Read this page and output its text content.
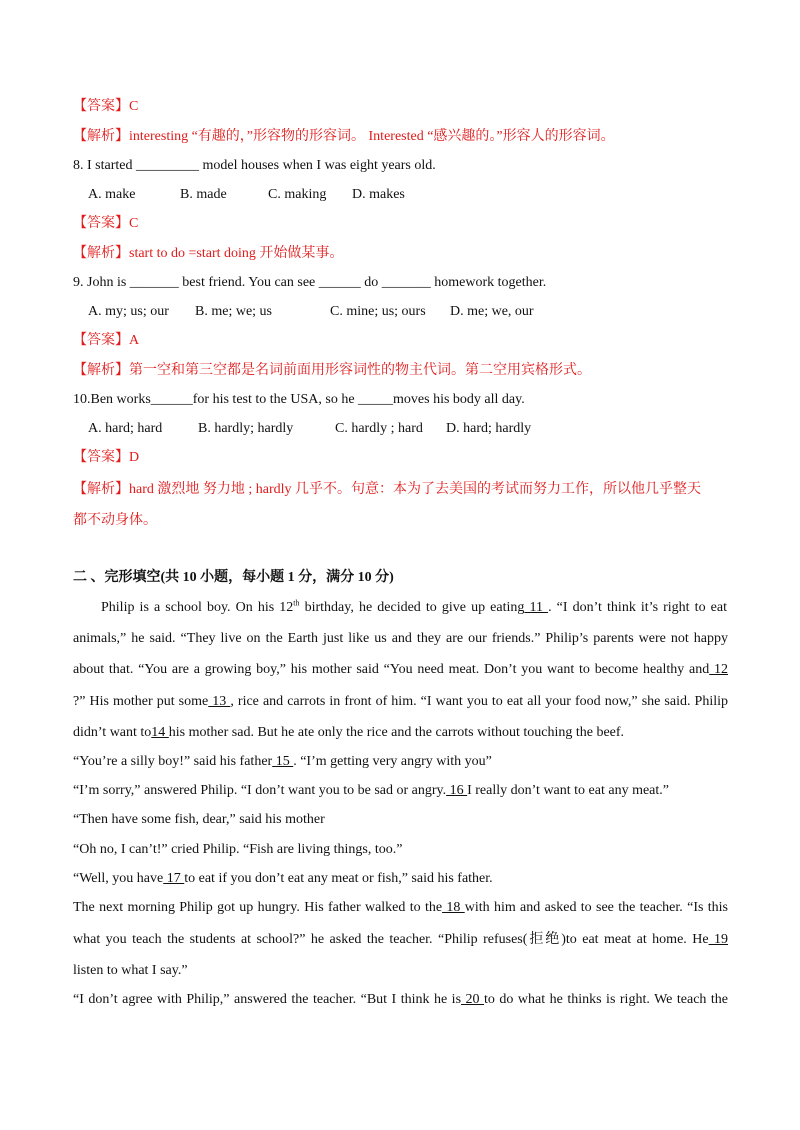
【答案】C
【解析】interesting “有趣的，”形容物的形容词。 Interested “感兴趣的。”形容人的形容词。
8. I started _________ model houses when I was eight years old.
A. make	B. made	C. making D. makes
【答案】C
【解析】start to do =start doing 开始做某事。
9. John is _______ best friend. You can see ______ do _______ homework together.
A. my; us; our B. me; we; us	C. mine; us; ours D. me; we, our
【答案】A
【解析】第一空和第三空都是名词前面用形容词性的物主代词。第二空用宾格形式。
10.Ben works______for his test to the USA, so he _____moves his body all day.
A. hard; hard	B. hardly; hardly	C. hardly ; hard D. hard; hardly
【答案】D
【解析】hard 激烈地 努力地 ; hardly 几乎不。句意：本为了去美国的考试而努力工作，所以他几乎整天
都不动身体。
二 、完形填空(共 10 小题，每小题 1 分，满分 10 分)
Philip is a school boy. On his 12th birthday, he decided to give up eating 11 . “I don’t think it’s right to eat
animals,” he said. “They live on the Earth just like us and they are our friends.” Philip’s parents were not happy
about that. “You are a growing boy,” his mother said “You need meat. Don’t you want to become healthy and 12
?” His mother put some 13 , rice and carrots in front of him. “I want you to eat all your food now,” she said. Philip
didn’t want to14 his mother sad. But he ate only the rice and the carrots without touching the beef.
“You’re a silly boy!” said his father 15 . “I’m getting very angry with you”
“I’m sorry,” answered Philip. “I don’t want you to be sad or angry. 16 I really don’t want to eat any meat.”
“Then have some fish, dear,” said his mother
“Oh no, I can’t!” cried Philip. “Fish are living things, too.”
“Well, you have 17 to eat if you don’t eat any meat or fish,” said his father.
The next morning Philip got up hungry. His father walked to the 18 with him and asked to see the teacher. “Is this
what you teach the students at school?” he asked the teacher. “Philip refuses(拒绝)to eat meat at home. He 19
listen to what I say.”
“I don’t agree with Philip,” answered the teacher. “But I think he is 20 to do what he thinks is right. We teach the
